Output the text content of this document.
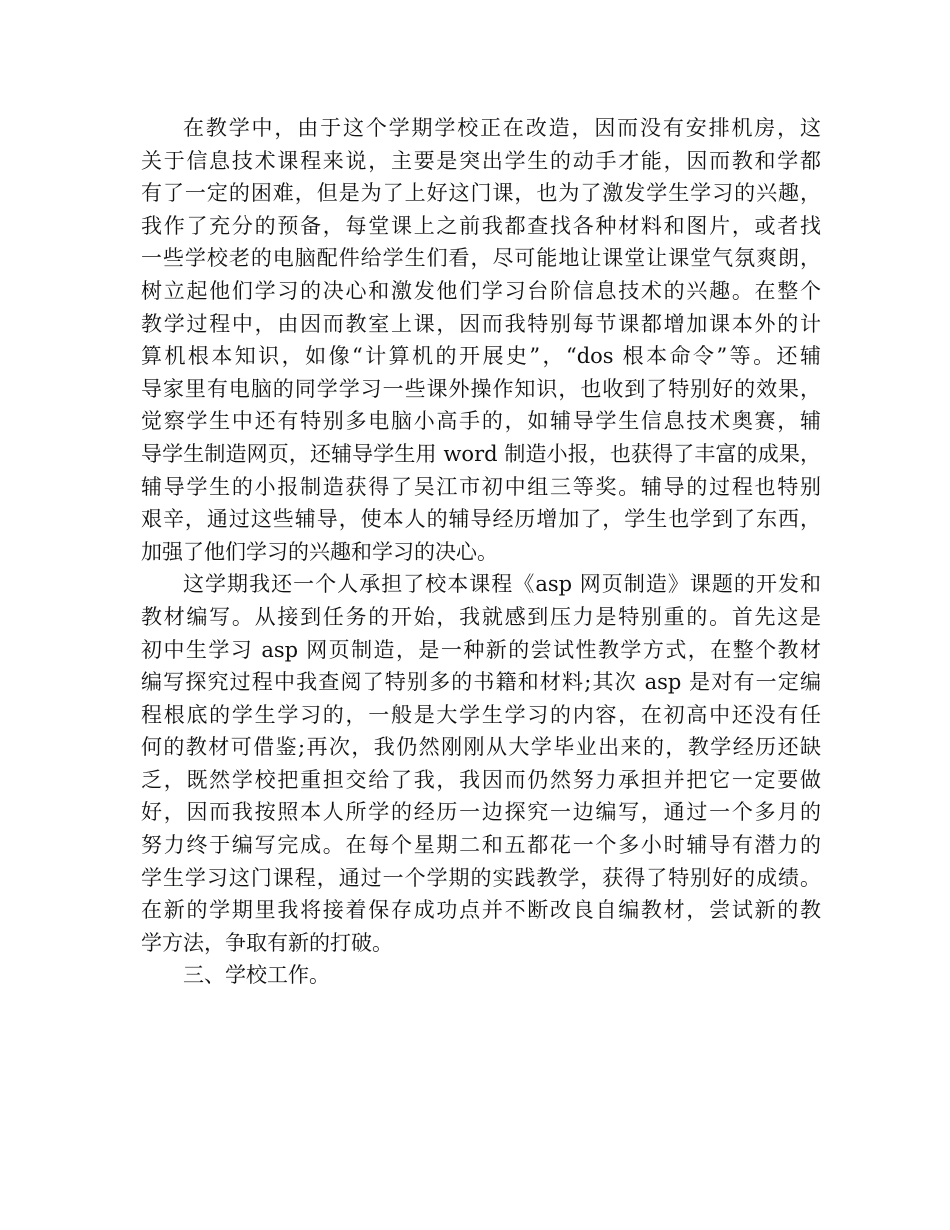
在教学中，由于这个学期学校正在改造，因而没有安排机房，这
关于信息技术课程来说，主要是突出学生的动手才能，因而教和学都
有了一定的困难，但是为了上好这门课，也为了激发学生学习的兴趣，
我作了充分的预备，每堂课上之前我都查找各种材料和图片，或者找
一些学校老的电脑配件给学生们看，尽可能地让课堂让课堂气氛爽朗，
树立起他们学习的决心和激发他们学习台阶信息技术的兴趣。在整个
教学过程中，由因而教室上课，因而我特别每节课都增加课本外的计
算机根本知识，如像“计算机的开展史”，“dos 根本命令”等。还辅
导家里有电脑的同学学习一些课外操作知识，也收到了特别好的效果，
觉察学生中还有特别多电脑小高手的，如辅导学生信息技术奥赛，辅
导学生制造网页，还辅导学生用 word 制造小报，也获得了丰富的成果，
辅导学生的小报制造获得了吴江市初中组三等奖。辅导的过程也特别
艰辛，通过这些辅导，使本人的辅导经历增加了，学生也学到了东西，
加强了他们学习的兴趣和学习的决心。
这学期我还一个人承担了校本课程《asp 网页制造》课题的开发和
教材编写。从接到任务的开始，我就感到压力是特别重的。首先这是
初中生学习 asp 网页制造，是一种新的尝试性教学方式，在整个教材
编写探究过程中我查阅了特别多的书籍和材料;其次 asp 是对有一定编
程根底的学生学习的，一般是大学生学习的内容，在初高中还没有任
何的教材可借鉴;再次，我仍然刚刚从大学毕业出来的，教学经历还缺
乏，既然学校把重担交给了我，我因而仍然努力承担并把它一定要做
好，因而我按照本人所学的经历一边探究一边编写，通过一个多月的
努力终于编写完成。在每个星期二和五都花一个多小时辅导有潜力的
学生学习这门课程，通过一个学期的实践教学，获得了特别好的成绩。
在新的学期里我将接着保存成功点并不断改良自编教材，尝试新的教
学方法，争取有新的打破。
三、学校工作。
